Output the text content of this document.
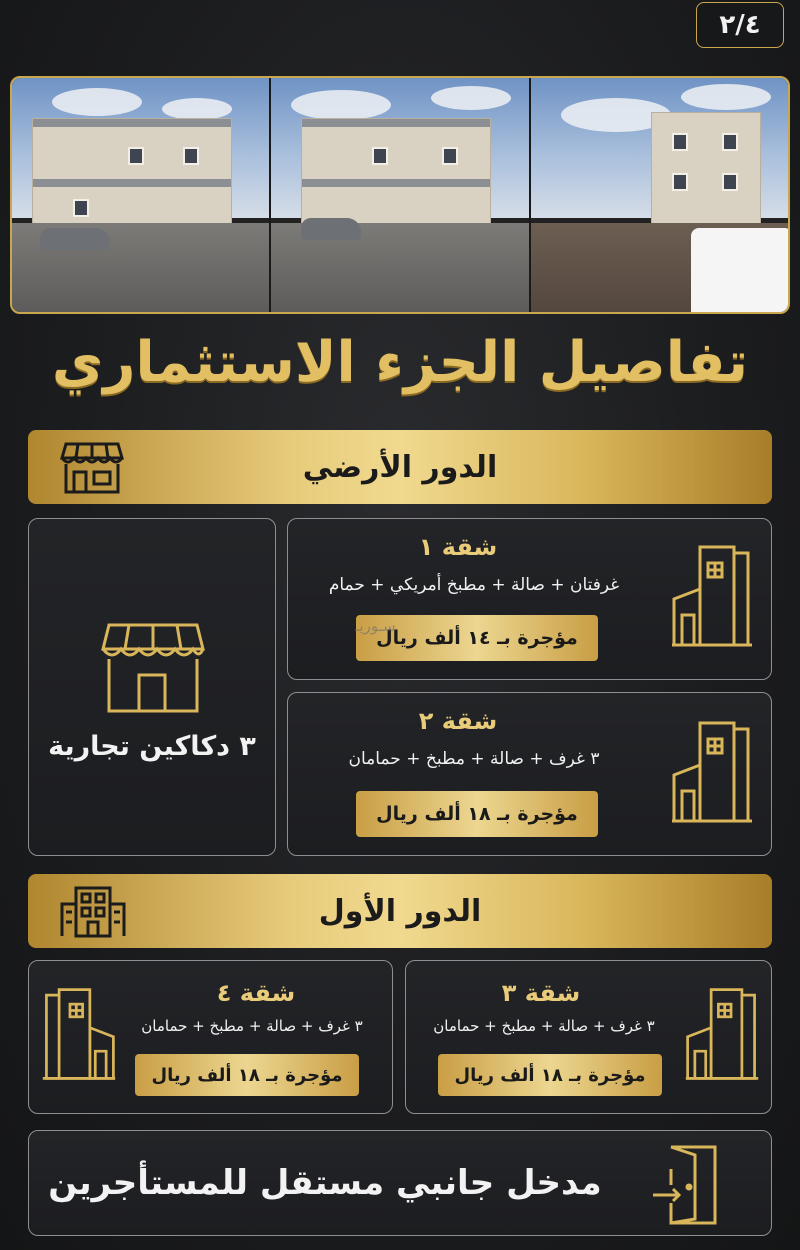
٢/٤
تفاصيل الجزء الاستثماري
الدور الأرضي
٣ دكاكين تجارية
شقة ١
غرفتان + صالة + مطبخ أمريكي + حمام
مؤجرة بـ ١٤ ألف ريال
سـوريـ
شقة ٢
٣ غرف + صالة + مطبخ + حمامان
مؤجرة بـ ١٨ ألف ريال
الدور الأول
شقة ٣
٣ غرف + صالة + مطبخ + حمامان
مؤجرة بـ ١٨ ألف ريال
شقة ٤
٣ غرف + صالة + مطبخ + حمامان
مؤجرة بـ ١٨ ألف ريال
مدخل جانبي مستقل للمستأجرين
